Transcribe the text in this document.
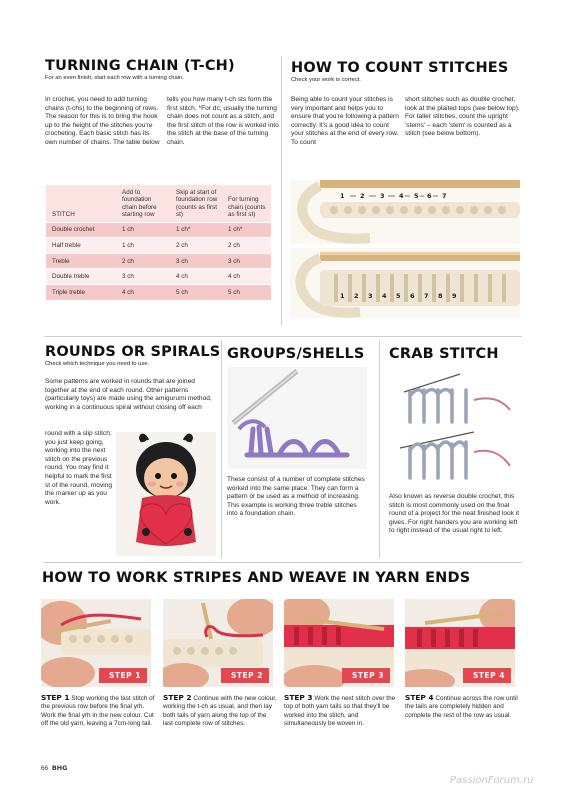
TURNING CHAIN (T-CH)
For an even finish, start each row with a turning chain.
In crochet, you need to add turning chains (t-chs) to the beginning of rows. The reason for this is to bring the hook up to the height of the stitches you're crocheting. Each basic stitch has its own number of chains. The table below
tells you how many t-ch sts form the first stitch. *For dc, usually the turning chain does not count as a stitch, and the first stitch of the row is worked into the stitch at the base of the turning chain.
STITCH	Add to foundation chain before starting row	Skip at start of foundation row (counts as first st)	For turning chain (counts as first st)
Double crochet	1 ch	1 ch*	1 ch*
Half treble	1 ch	2 ch	2 ch
Treble	2 ch	3 ch	3 ch
Double treble	3 ch	4 ch	4 ch
Triple treble	4 ch	5 ch	5 ch
HOW TO COUNT STITCHES
Check your work is correct.
Being able to count your stitches is very important and helps you to ensure that you're following a pattern correctly. It's a good idea to count your stitches at the end of every row. To count
short stitches such as double crochet, look at the plaited tops (see below top). For taller stitches, count the upright 'stems' – each 'stem' is counted as a stitch (see below bottom).
1 2 3 4 5 6 7
1 2 3 4 5 6 7 8 9
ROUNDS OR SPIRALS
Check which technique you need to use.
Some patterns are worked in rounds that are joined together at the end of each round. Other patterns (particularly toys) are made using the amigurumi method, working in a continuous spiral without closing off each
round with a slip stitch; you just keep going, working into the next stitch on the previous round. You may find it helpful to mark the first st of the round, moving the marker up as you work.
GROUPS/SHELLS
These consist of a number of complete stitches worked into the same place. They can form a pattern or be used as a method of increasing. This example is working three treble stitches into a foundation chain.
CRAB STITCH
Also known as reverse double crochet, this stitch is most commonly used on the final round of a project for the neat finished look it gives. For right handers you are working left to right instead of the usual right to left.
HOW TO WORK STRIPES AND WEAVE IN YARN ENDS
STEP 1	STEP 2	STEP 3	STEP 4
STEP 1 Stop working the last stitch of the previous row before the final yrh. Work the final yrh in the new colour. Cut off the old yarn, leaving a 7cm-long tail.
STEP 2 Continue with the new colour, working the t-ch as usual, and then lay both tails of yarn along the top of the last complete row of stitches.
STEP 3 Work the next stitch over the top of both yarn tails so that they'll be worked into the stitch, and simultaneously be woven in.
STEP 4 Continue across the row until the tails are completely hidden and complete the rest of the row as usual.
66 BHG
PassionForum.ru
